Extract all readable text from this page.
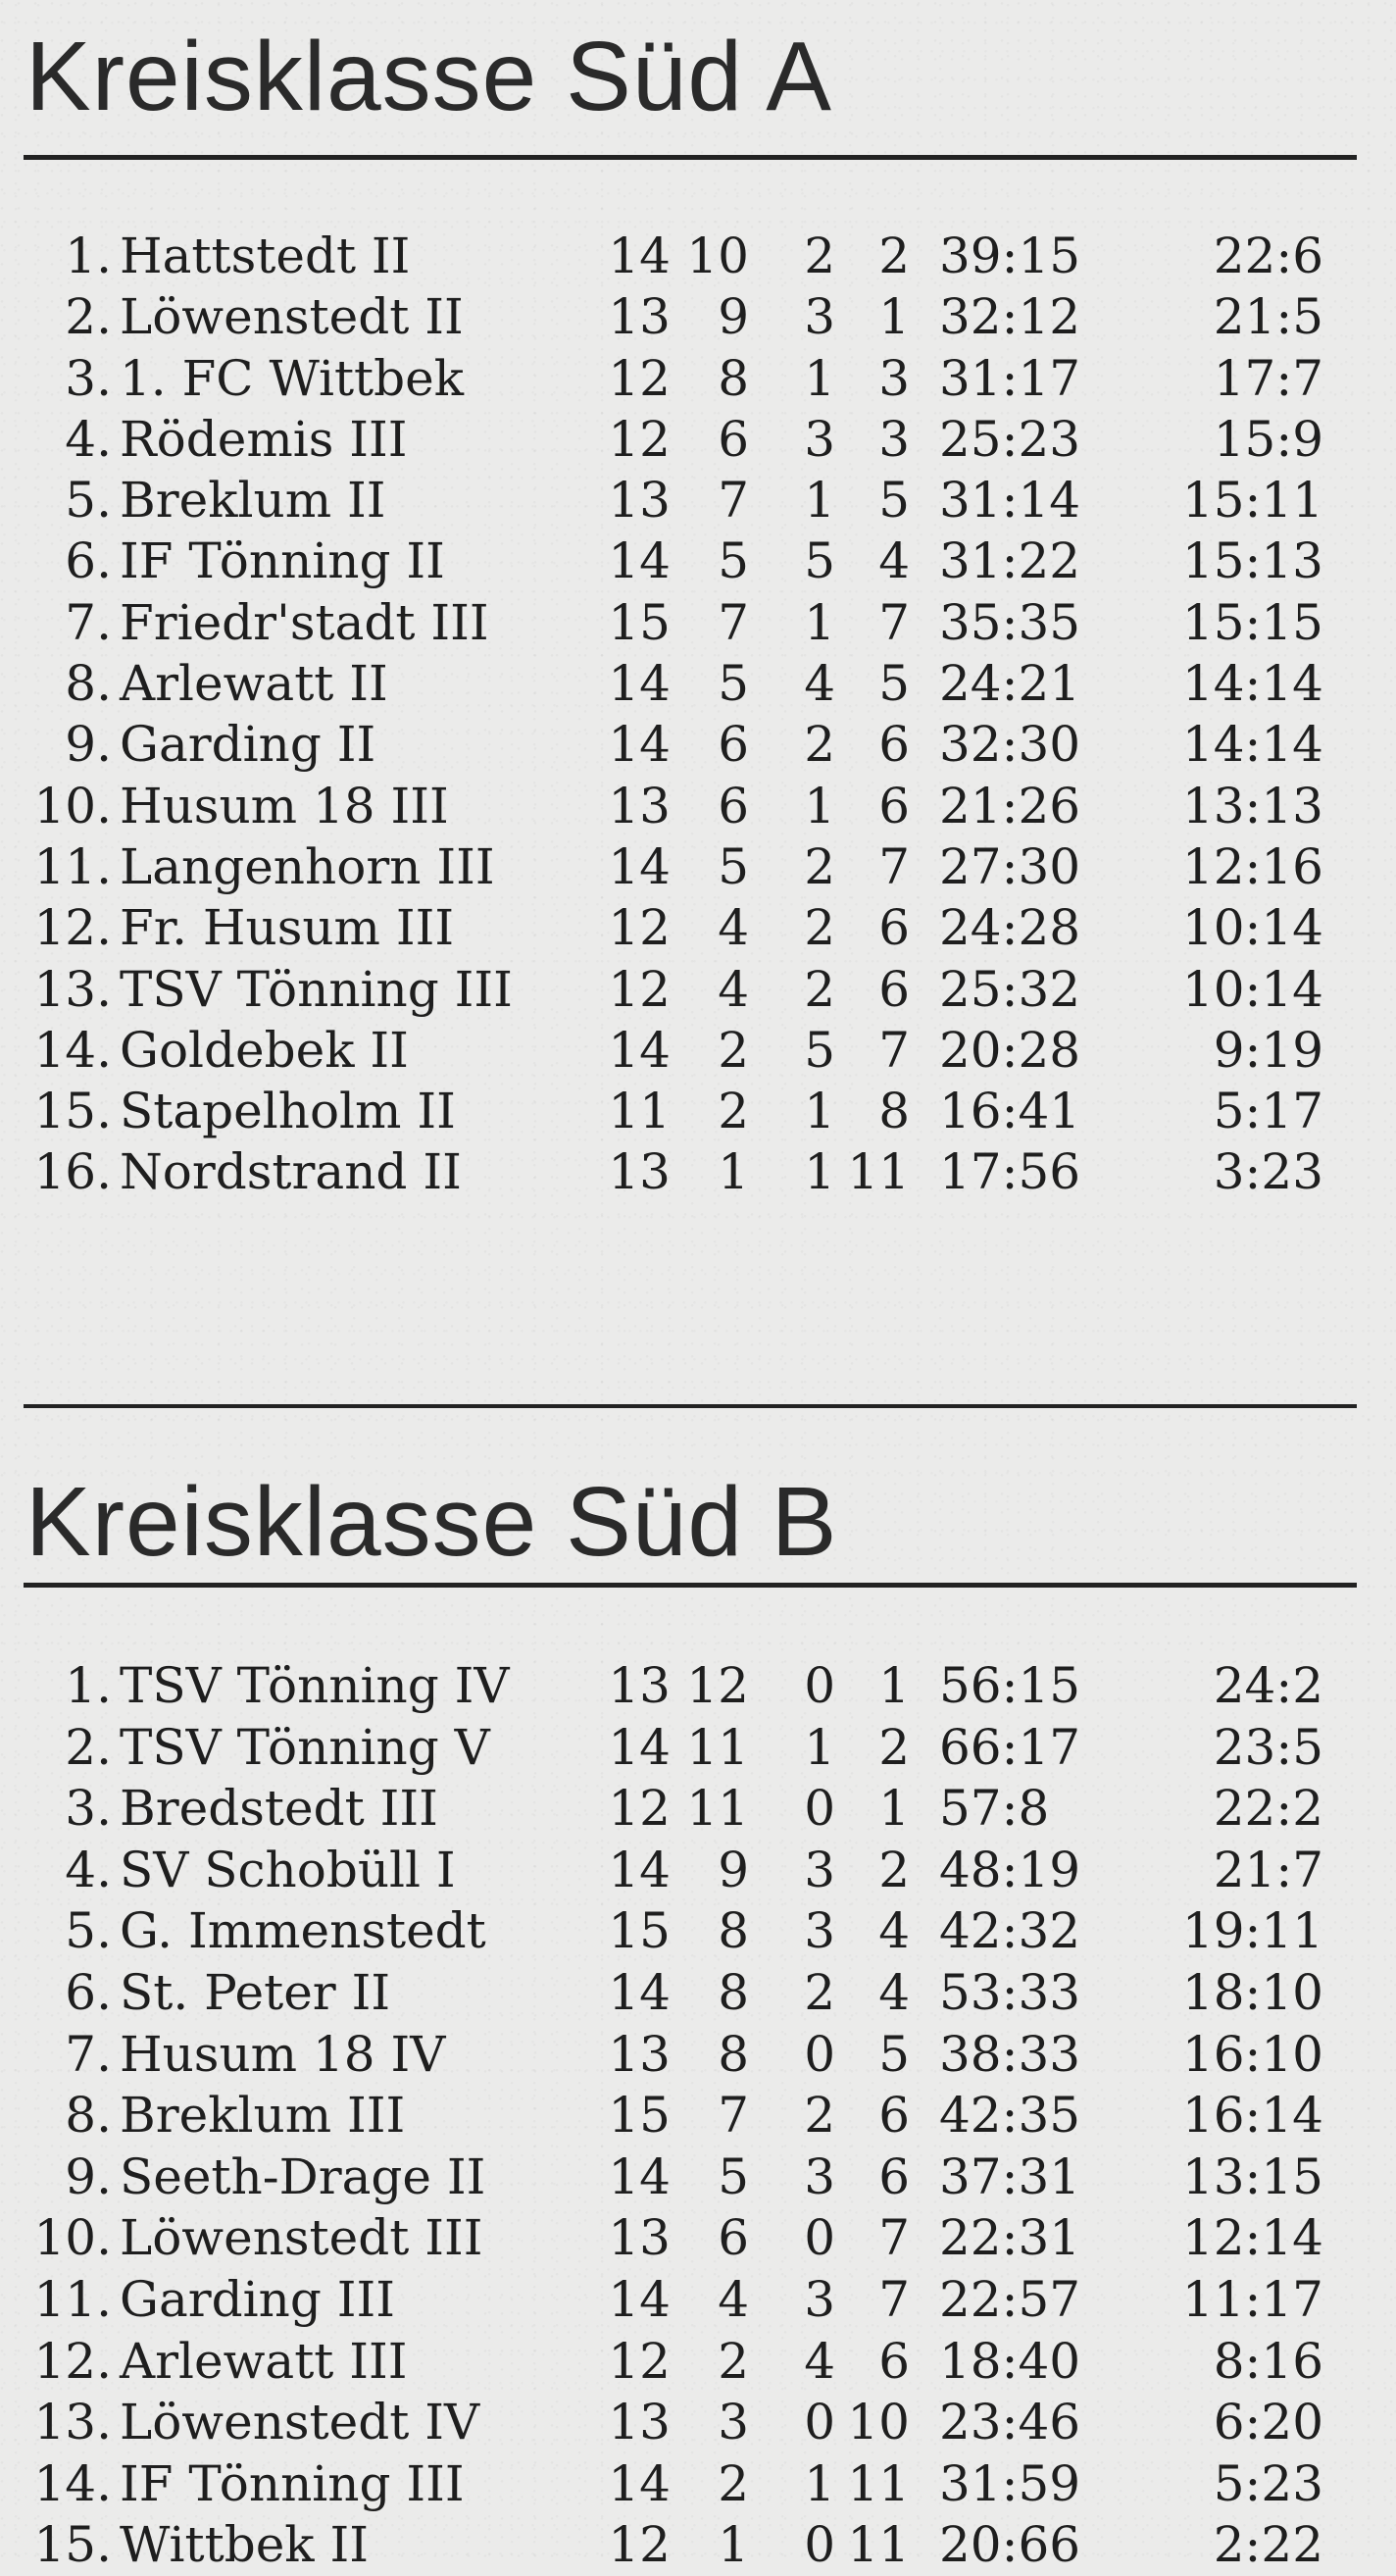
Kreisklasse Süd A
1. Hattstedt II	14 10	2 2 39:15	22:6
2. Löwenstedt II	13 9	3 1 32:12	21:5
3. 1. FC Wittbek	12 8	1 3 31:17	17:7
4. Rödemis III	12 6	3 3 25:23	15:9
5. Breklum II	13 7	1 5 31:14	15:11
6. IF Tönning II	14 5	5 4 31:22	15:13
7. Friedr'stadt III	15 7	1 7 35:35	15:15
8. Arlewatt II	14 5	4 5 24:21	14:14
9. Garding II	14 6	2 6 32:30	14:14
10. Husum 18 III	13 6	1 6 21:26	13:13
11. Langenhorn III	14 5	2 7 27:30	12:16
12. Fr. Husum III	12 4	2 6 24:28	10:14
13. TSV Tönning III	12 4	2 6 25:32	10:14
14. Goldebek II	14 2	5 7 20:28	9:19
15. Stapelholm II	11 2	1 8 16:41	5:17
16. Nordstrand II	13 1	1 11 17:56	3:23
Kreisklasse Süd B
1. TSV Tönning IV	13 12	0 1 56:15	24:2
2. TSV Tönning V	14 11	1 2 66:17	23:5
3. Bredstedt III	12 11	0 1 57:8	22:2
4. SV Schobüll I	14 9	3 2 48:19	21:7
5. G. Immenstedt	15 8	3 4 42:32	19:11
6. St. Peter II	14 8	2 4 53:33	18:10
7. Husum 18 IV	13 8	0 5 38:33	16:10
8. Breklum III	15 7	2 6 42:35	16:14
9. Seeth-Drage II	14 5	3 6 37:31	13:15
10. Löwenstedt III	13 6	0 7 22:31	12:14
11. Garding III	14 4	3 7 22:57	11:17
12. Arlewatt III	12 2	4 6 18:40	8:16
13. Löwenstedt IV	13 3	0 10 23:46	6:20
14. IF Tönning III	14 2	1 11 31:59	5:23
15. Wittbek II	12 1	0 11 20:66	2:22
